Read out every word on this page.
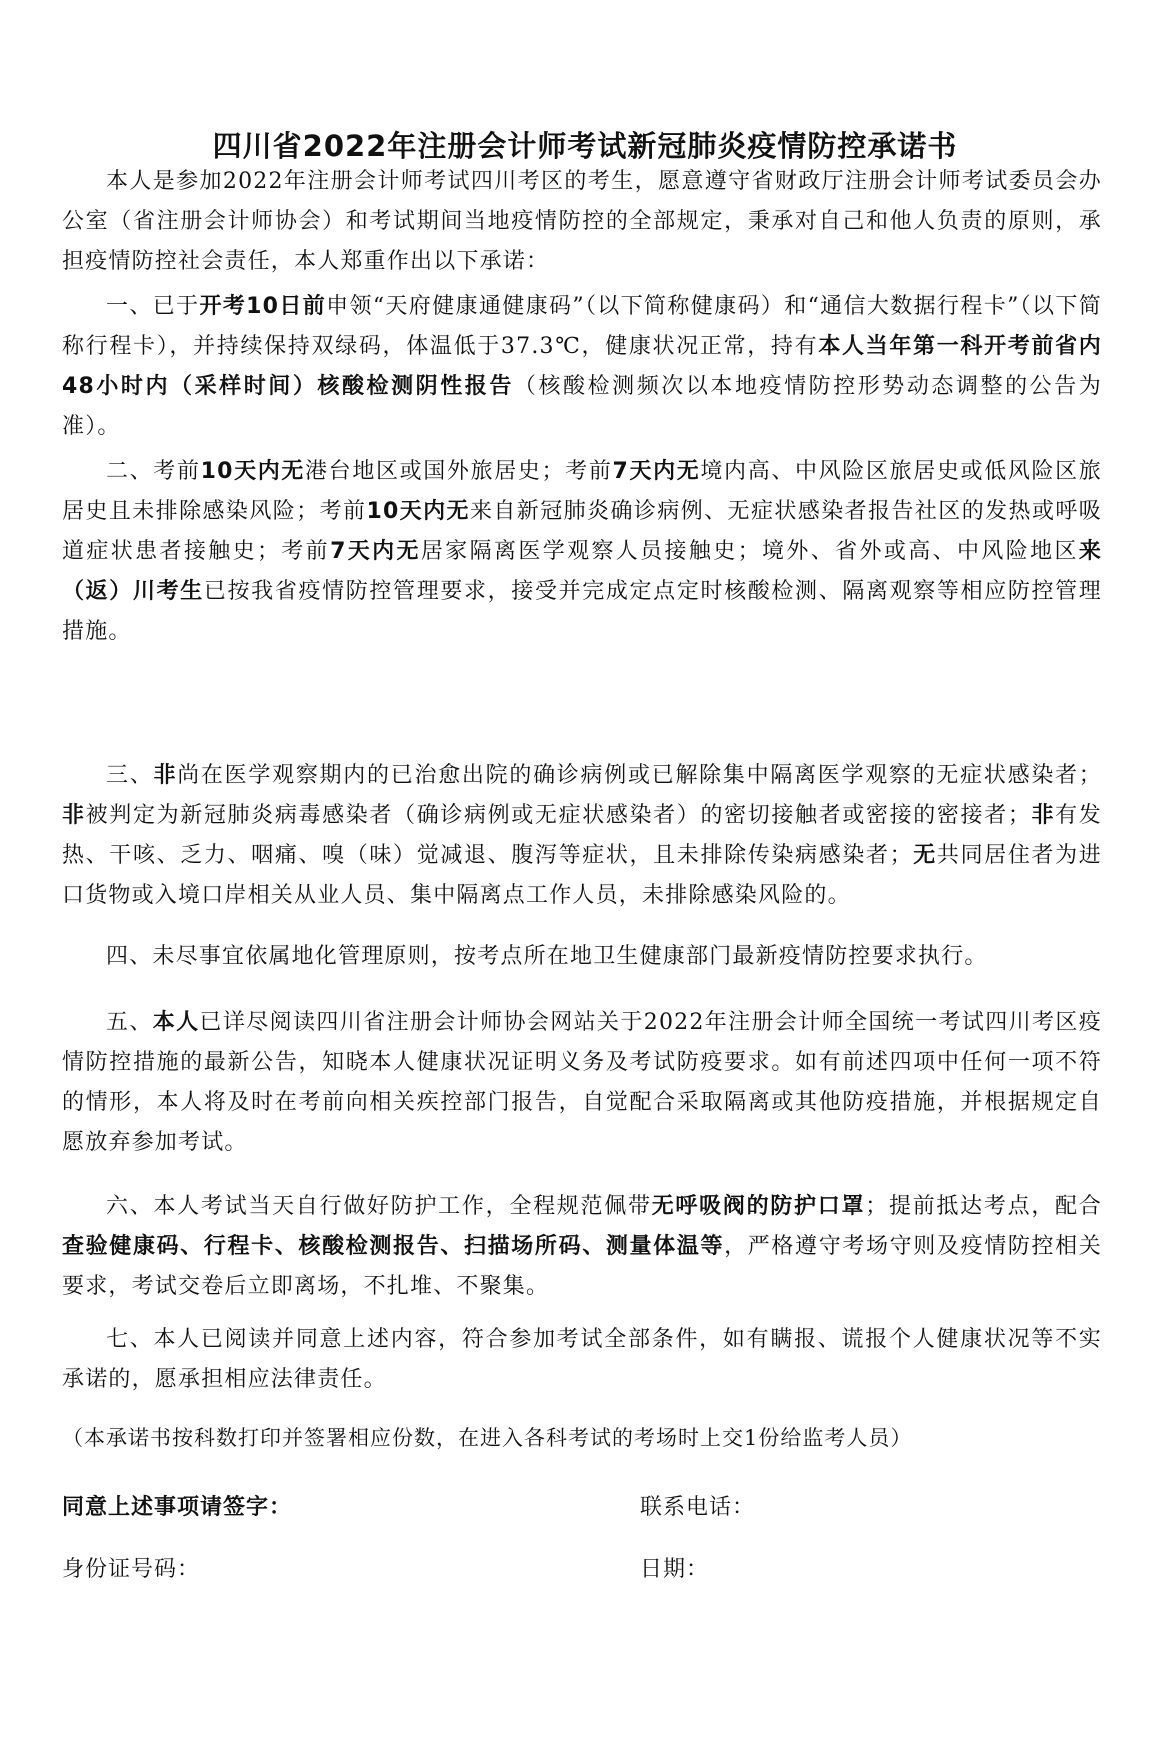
四川省2022年注册会计师考试新冠肺炎疫情防控承诺书
本人是参加2022年注册会计师考试四川考区的考生，愿意遵守省财政厅注册会计师考试委员会办公室（省注册会计师协会）和考试期间当地疫情防控的全部规定，秉承对自己和他人负责的原则，承担疫情防控社会责任，本人郑重作出以下承诺：
一、已于开考10日前申领“天府健康通健康码”（以下简称健康码）和“通信大数据行程卡”（以下简称行程卡），并持续保持双绿码，体温低于37.3℃，健康状况正常，持有本人当年第一科开考前省内48小时内（采样时间）核酸检测阴性报告（核酸检测频次以本地疫情防控形势动态调整的公告为准）。
二、考前10天内无港台地区或国外旅居史；考前7天内无境内高、中风险区旅居史或低风险区旅居史且未排除感染风险；考前10天内无来自新冠肺炎确诊病例、无症状感染者报告社区的发热或呼吸道症状患者接触史；考前7天内无居家隔离医学观察人员接触史；境外、省外或高、中风险地区来（返）川考生已按我省疫情防控管理要求，接受并完成定点定时核酸检测、隔离观察等相应防控管理措施。
三、非尚在医学观察期内的已治愈出院的确诊病例或已解除集中隔离医学观察的无症状感染者；非被判定为新冠肺炎病毒感染者（确诊病例或无症状感染者）的密切接触者或密接的密接者；非有发热、干咳、乏力、咽痛、嗅（味）觉减退、腹泻等症状，且未排除传染病感染者；无共同居住者为进口货物或入境口岸相关从业人员、集中隔离点工作人员，未排除感染风险的。
四、未尽事宜依属地化管理原则，按考点所在地卫生健康部门最新疫情防控要求执行。
五、本人已详尽阅读四川省注册会计师协会网站关于2022年注册会计师全国统一考试四川考区疫情防控措施的最新公告，知晓本人健康状况证明义务及考试防疫要求。如有前述四项中任何一项不符的情形，本人将及时在考前向相关疾控部门报告，自觉配合采取隔离或其他防疫措施，并根据规定自愿放弃参加考试。
六、本人考试当天自行做好防护工作，全程规范佩带无呼吸阀的防护口罩；提前抵达考点，配合查验健康码、行程卡、核酸检测报告、扫描场所码、测量体温等，严格遵守考场守则及疫情防控相关要求，考试交卷后立即离场，不扎堆、不聚集。
七、本人已阅读并同意上述内容，符合参加考试全部条件，如有瞒报、谎报个人健康状况等不实承诺的，愿承担相应法律责任。
（本承诺书按科数打印并签署相应份数，在进入各科考试的考场时上交1份给监考人员）
同意上述事项请签字：	联系电话：
身份证号码：	日期：
